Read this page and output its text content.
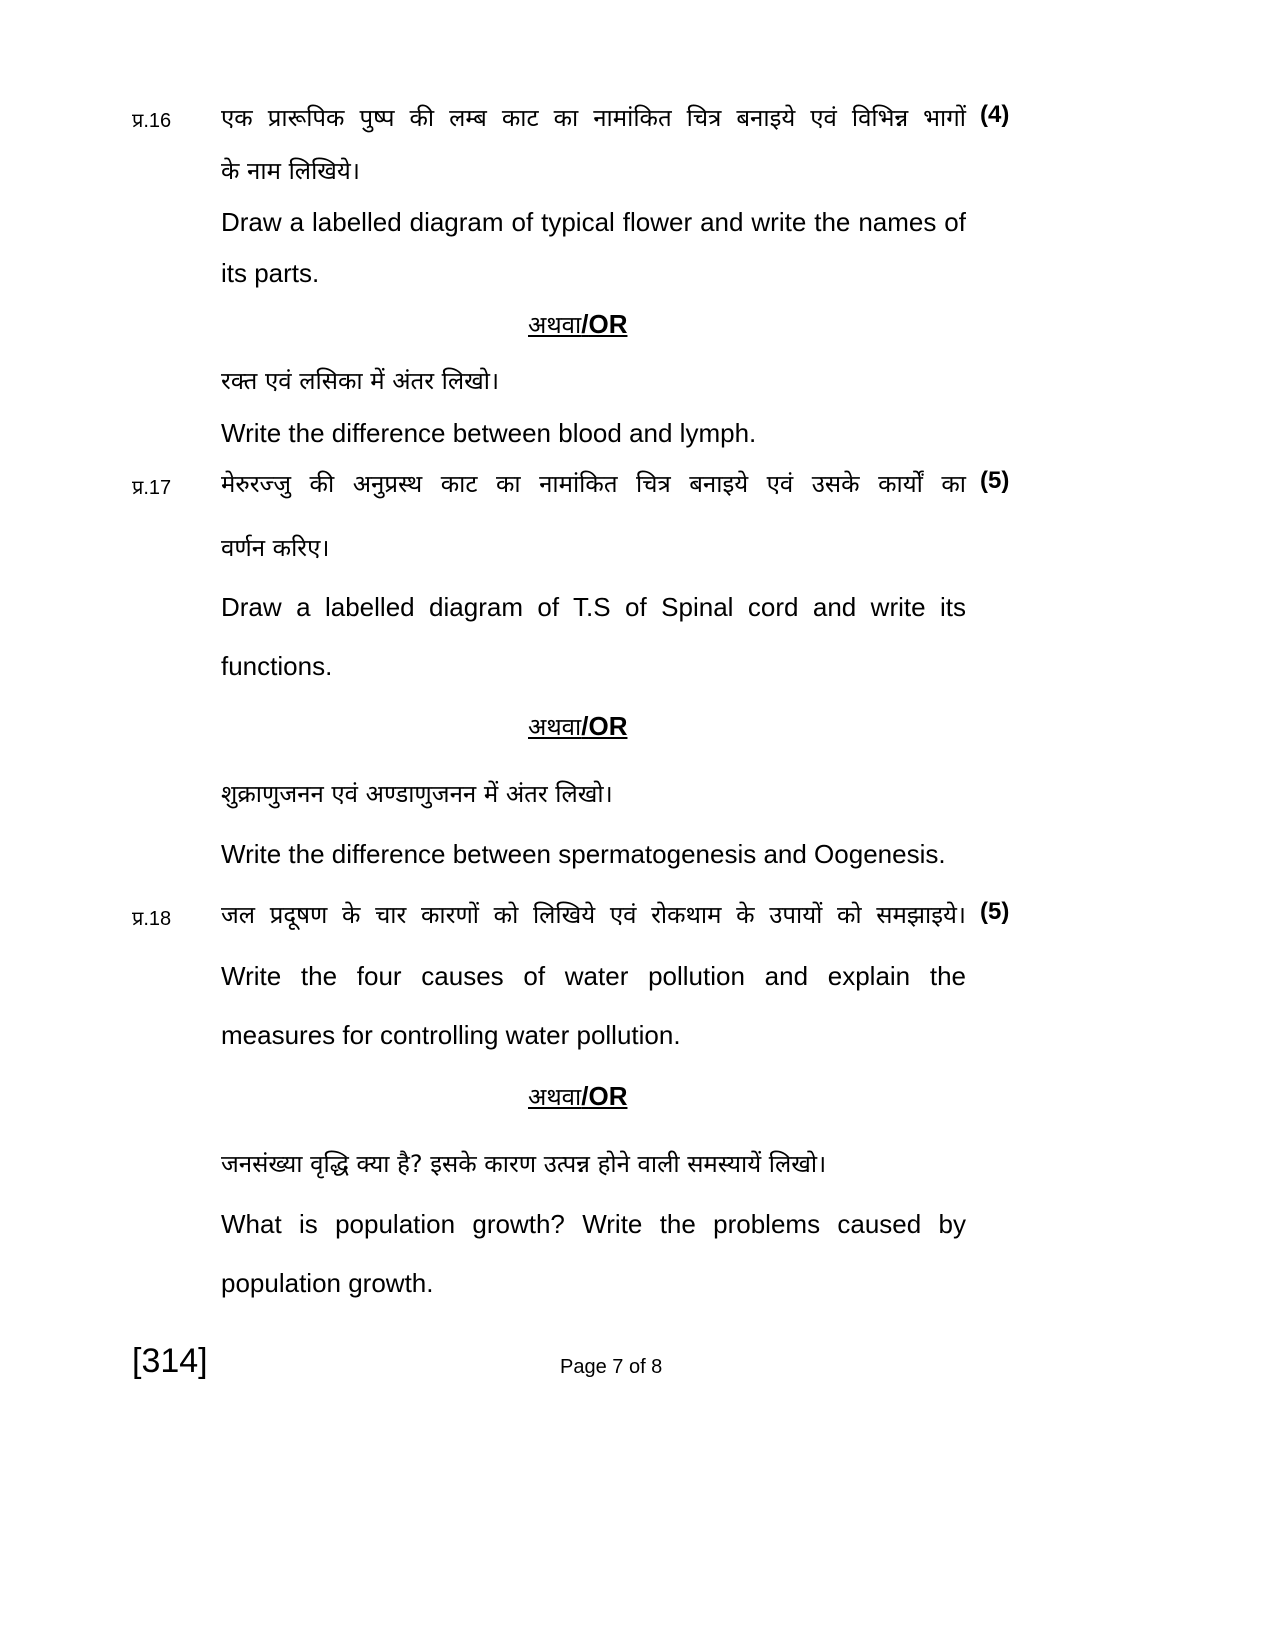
प्र.16 एक प्रारूपिक पुष्प की लम्ब काट का नामांकित चित्र बनाइये एवं विभिन्न भागों (4)
के नाम लिखिये।
Draw a labelled diagram of typical flower and write the names of
its parts.
अथवा/OR
रक्त एवं लसिका में अंतर लिखो।
Write the difference between blood and lymph.
प्र.17 मेरुरज्जु की अनुप्रस्थ काट का नामांकित चित्र बनाइये एवं उसके कार्यों का (5)
वर्णन करिए।
Draw a labelled diagram of T.S of Spinal cord and write its
functions.
अथवा/OR
शुक्राणुजनन एवं अण्डाणुजनन में अंतर लिखो।
Write the difference between spermatogenesis and Oogenesis.
प्र.18 जल प्रदूषण के चार कारणों को लिखिये एवं रोकथाम के उपायों को समझाइये। (5)
Write the four causes of water pollution and explain the
measures for controlling water pollution.
अथवा/OR
जनसंख्या वृद्धि क्या है? इसके कारण उत्पन्न होने वाली समस्यायें लिखो।
What is population growth? Write the problems caused by
population growth.
[314]	Page 7 of 8
